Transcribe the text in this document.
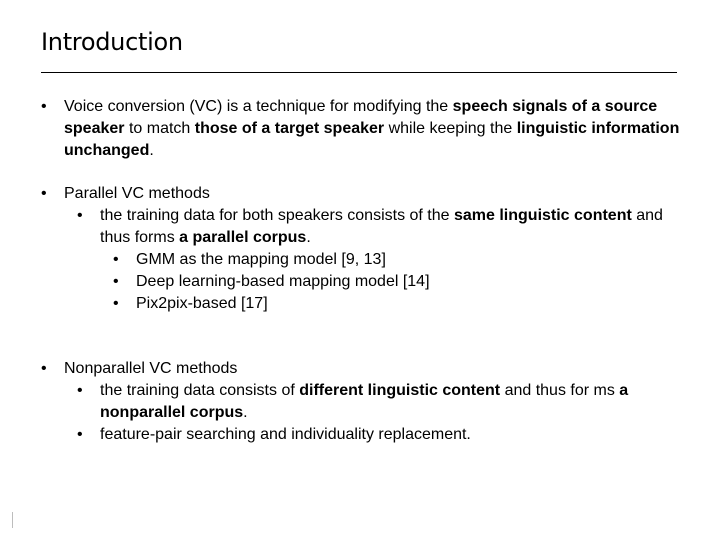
Introduction

• Voice conversion (VC) is a technique for modifying the speech signals of a source speaker to match those of a target speaker while keeping the linguistic information unchanged.

• Parallel VC methods

• the training data for both speakers consists of the same linguistic content and thus forms a parallel corpus.

• GMM as the mapping model [9, 13]

• Deep learning-based mapping model [14]

• Pix2pix-based [17]

• Nonparallel VC methods

• the training data consists of different linguistic content and thus for ms a nonparallel corpus.

• feature-pair searching and individuality replacement.
